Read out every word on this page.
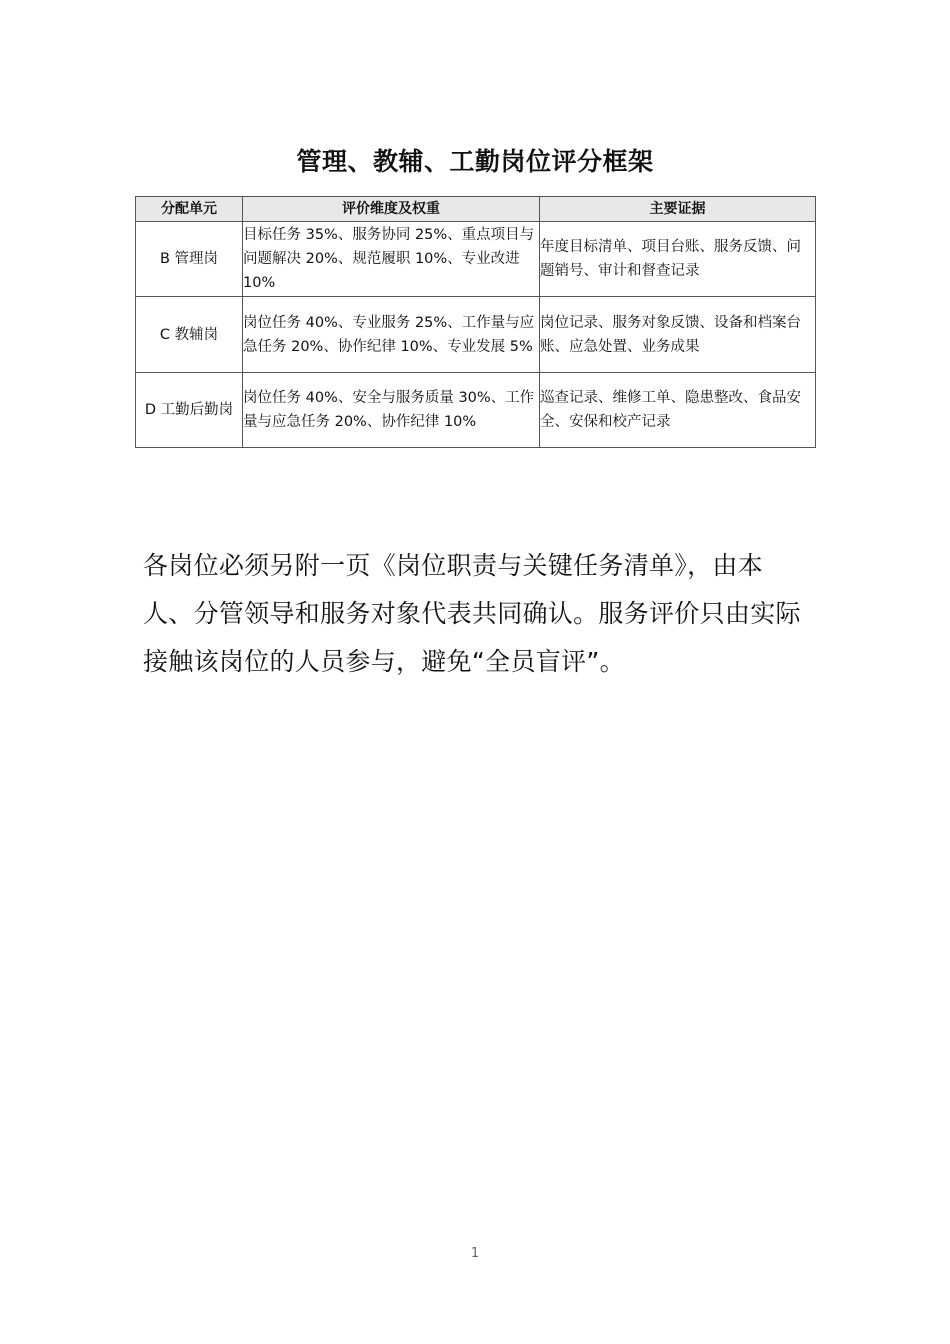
管理、教辅、工勤岗位评分框架
分配单元	评价维度及权重	主要证据
B 管理岗	目标任务 35%、服务协同 25%、重点项目与问题解决 20%、规范履职 10%、专业改进 10%	年度目标清单、项目台账、服务反馈、问题销号、审计和督查记录
C 教辅岗	岗位任务 40%、专业服务 25%、工作量与应急任务 20%、协作纪律 10%、专业发展 5%	岗位记录、服务对象反馈、设备和档案台账、应急处置、业务成果
D 工勤后勤岗	岗位任务 40%、安全与服务质量 30%、工作量与应急任务 20%、协作纪律 10%	巡查记录、维修工单、隐患整改、食品安全、安保和校产记录

各岗位必须另附一页《岗位职责与关键任务清单》，由本人、分管领导和服务对象代表共同确认。服务评价只由实际接触该岗位的人员参与，避免“全员盲评”。

1
